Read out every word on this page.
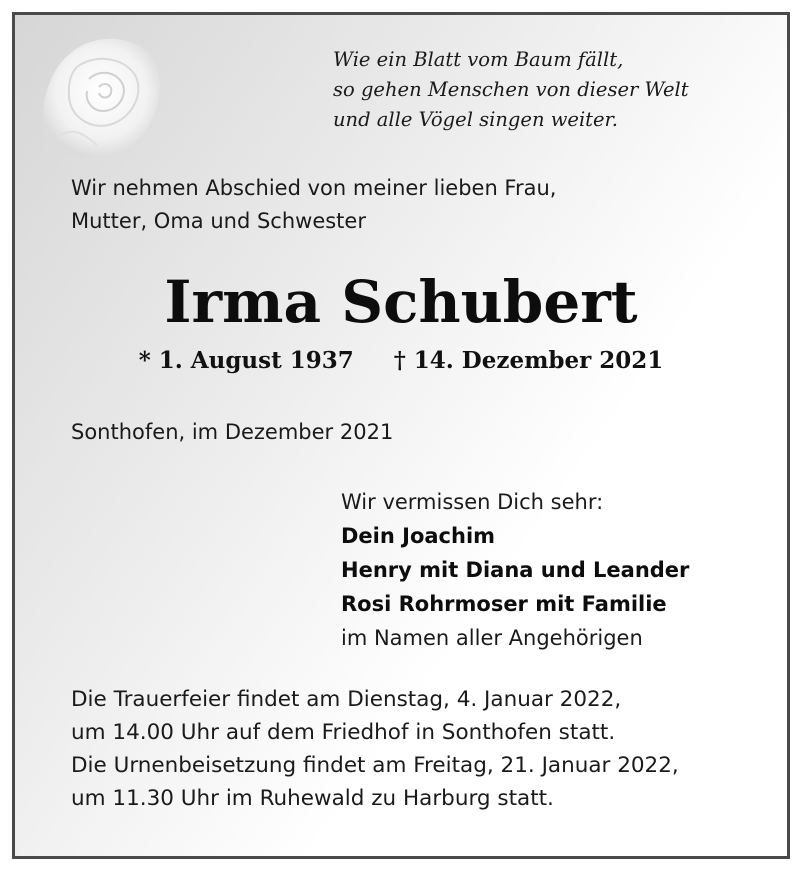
Wie ein Blatt vom Baum fällt,
so gehen Menschen von dieser Welt
und alle Vögel singen weiter.
Wir nehmen Abschied von meiner lieben Frau,
Mutter, Oma und Schwester
Irma Schubert
* 1. August 1937 † 14. Dezember 2021
Sonthofen, im Dezember 2021
Wir vermissen Dich sehr:
Dein Joachim
Henry mit Diana und Leander
Rosi Rohrmoser mit Familie
im Namen aller Angehörigen
Die Trauerfeier findet am Dienstag, 4. Januar 2022,
um 14.00 Uhr auf dem Friedhof in Sonthofen statt.
Die Urnenbeisetzung findet am Freitag, 21. Januar 2022,
um 11.30 Uhr im Ruhewald zu Harburg statt.
